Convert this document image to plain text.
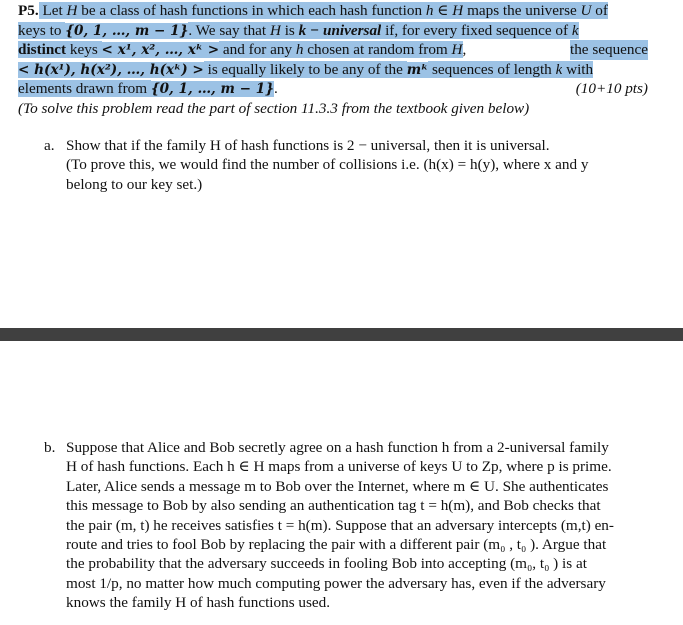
P5. Let H be a class of hash functions in which each hash function h ∈ H maps the universe U of
keys to {0, 1, …, m − 1}. We say that H is k − universal if, for every fixed sequence of k
distinct keys < x¹, x², …, xᵏ > and for any h chosen at random from H,	the sequence
< h(x¹), h(x²), …, h(xᵏ) > is equally likely to be any of the mᵏ sequences of length k with
elements drawn from {0, 1, …, m − 1}.	(10+10 pts)
(To solve this problem read the part of section 11.3.3 from the textbook given below)
a. Show that if the family H of hash functions is 2 − universal, then it is universal.
(To prove this, we would find the number of collisions i.e. (h(x) = h(y), where x and y
belong to our key set.)
b. Suppose that Alice and Bob secretly agree on a hash function h from a 2-universal family
H of hash functions. Each h ∈ H maps from a universe of keys U to Zp, where p is prime.
Later, Alice sends a message m to Bob over the Internet, where m ∈ U. She authenticates
this message to Bob by also sending an authentication tag t = h(m), and Bob checks that
the pair (m, t) he receives satisfies t = h(m). Suppose that an adversary intercepts (m,t) en-
route and tries to fool Bob by replacing the pair with a different pair (m₀ , t₀ ). Argue that
the probability that the adversary succeeds in fooling Bob into accepting (m₀, t₀ ) is at
most 1/p, no matter how much computing power the adversary has, even if the adversary
knows the family H of hash functions used.
